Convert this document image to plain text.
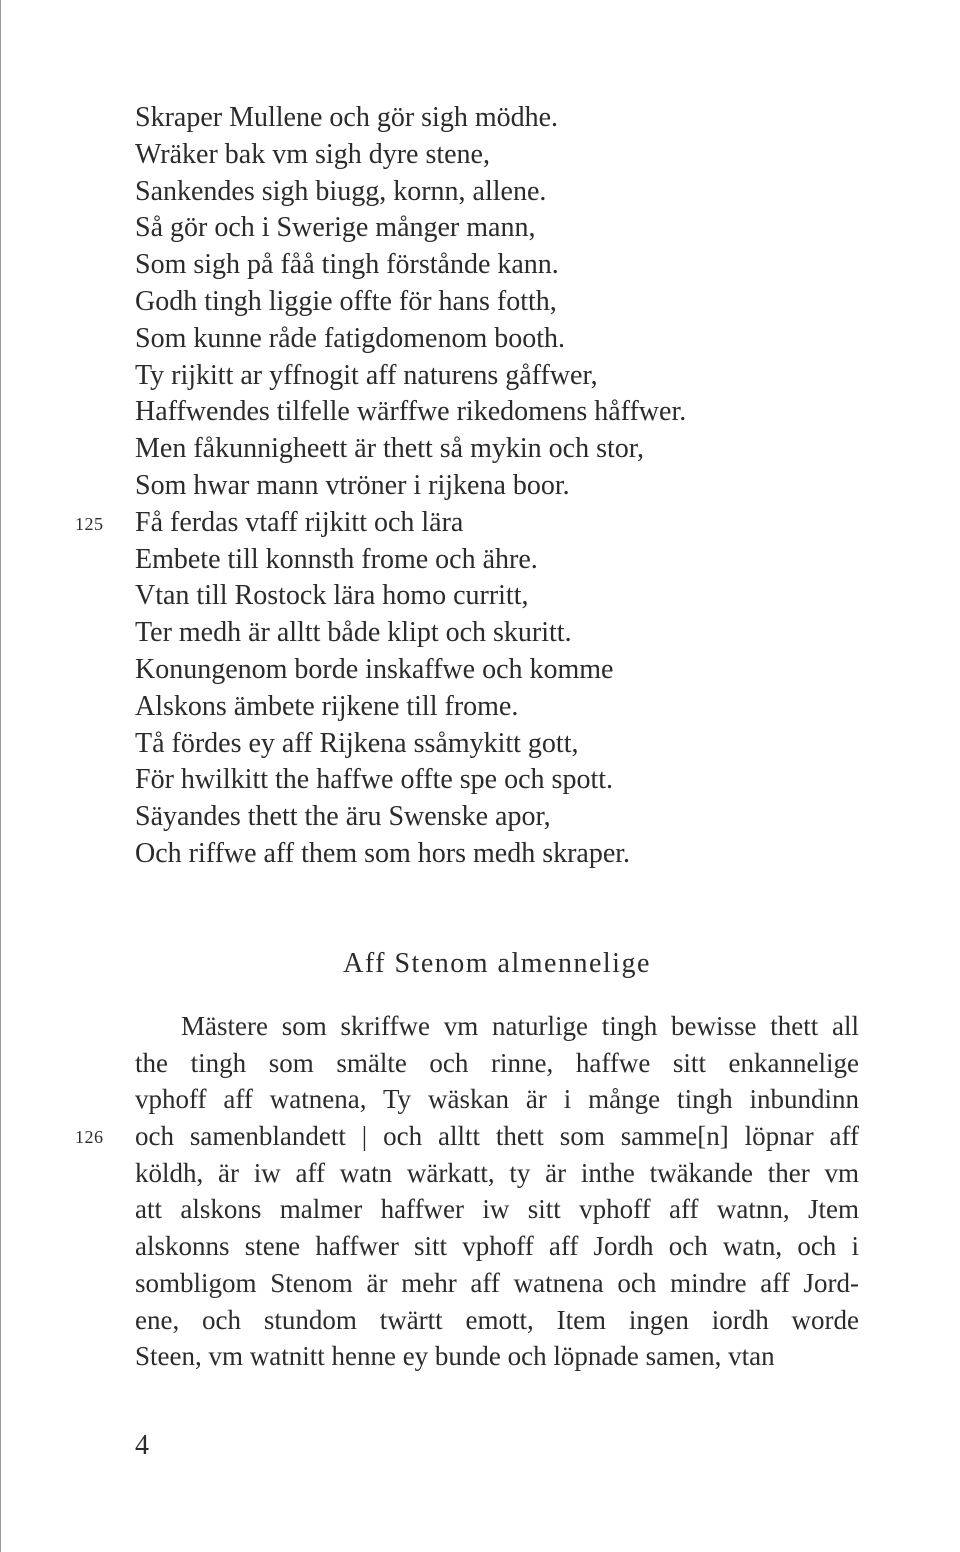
Skraper Mullene och gör sigh mödhe.
Wräker bak vm sigh dyre stene,
Sankendes sigh biugg, kornn, allene.
Så gör och i Swerige månger mann,
Som sigh på fåå tingh förstånde kann.
Godh tingh liggie offte för hans fotth,
Som kunne råde fatigdomenom booth.
Ty rijkitt ar yffnogit aff naturens gåffwer,
Haffwendes tilfelle wärffwe rikedomens håffwer.
Men fåkunnigheett är thett så mykin och stor,
Som hwar mann vtröner i rijkena boor.
Få ferdas vtaff rijkitt och lära
125
Embete till konnsth frome och ähre.
Vtan till Rostock lära homo curritt,
Ter medh är alltt både klipt och skuritt.
Konungenom borde inskaffwe och komme
Alskons ämbete rijkene till frome.
Tå fördes ey aff Rijkena ssåmykitt gott,
För hwilkitt the haffwe offte spe och spott.
Säyandes thett the äru Swenske apor,
Och riffwe aff them som hors medh skraper.
Aff Stenom almennelige
Mästere som skriffwe vm naturlige tingh bewisse thett all
the tingh som smälte och rinne, haffwe sitt enkannelige
vphoff aff watnena, Ty wäskan är i månge tingh inbundinn
och samenblandett | och alltt thett som samme[n] löpnar aff
126
köldh, är iw aff watn wärkatt, ty är inthe twäkande ther vm
att alskons malmer haffwer iw sitt vphoff aff watnn, Jtem
alskonns stene haffwer sitt vphoff aff Jordh och watn, och i
sombligom Stenom är mehr aff watnena och mindre aff Jord-
ene, och stundom twärtt emott, Item ingen iordh worde
Steen, vm watnitt henne ey bunde och löpnade samen, vtan
4
